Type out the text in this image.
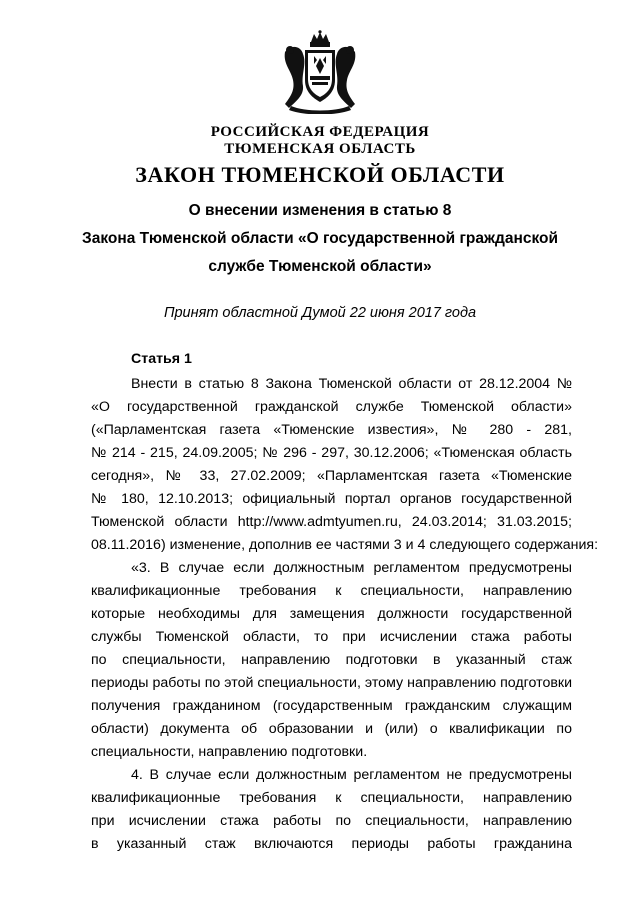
РОССИЙСКАЯ ФЕДЕРАЦИЯ
ТЮМЕНСКАЯ ОБЛАСТЬ
ЗАКОН ТЮМЕНСКОЙ ОБЛАСТИ
О внесении изменения в статью 8
Закона Тюменской области «О государственной гражданской
службе Тюменской области»
Принят областной Думой 22 июня 2017 года
Статья 1
Внести в статью 8 Закона Тюменской области от 28.12.2004 №
«О государственной гражданской службе Тюменской области»
(«Парламентская газета «Тюменские известия», № 280 - 281,
№ 214 - 215, 24.09.2005; № 296 - 297, 30.12.2006; «Тюменская область
сегодня», № 33, 27.02.2009; «Парламентская газета «Тюменские
№ 180, 12.10.2013; официальный портал органов государственной
Тюменской области http://www.admtyumen.ru, 24.03.2014; 31.03.2015;
08.11.2016) изменение, дополнив ее частями 3 и 4 следующего содержания:
«3. В случае если должностным регламентом предусмотрены
квалификационные требования к специальности, направлению
которые необходимы для замещения должности государственной
службы Тюменской области, то при исчислении стажа работы
по специальности, направлению подготовки в указанный стаж
периоды работы по этой специальности, этому направлению подготовки
получения гражданином (государственным гражданским служащим
области) документа об образовании и (или) о квалификации по
специальности, направлению подготовки.
4. В случае если должностным регламентом не предусмотрены
квалификационные требования к специальности, направлению
при исчислении стажа работы по специальности, направлению
в указанный стаж включаются периоды работы гражданина
